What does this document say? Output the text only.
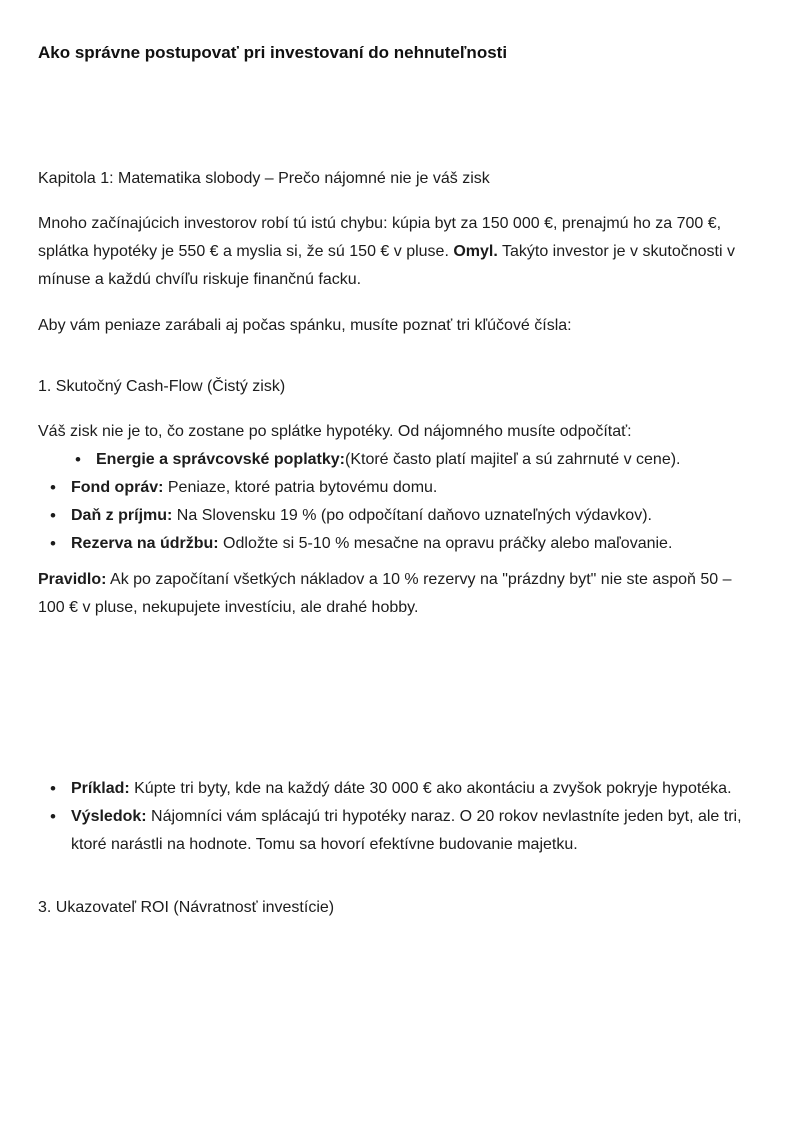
Ako správne postupovať pri investovaní do nehnuteľnosti

Kapitola 1: Matematika slobody – Prečo nájomné nie je váš zisk

Mnoho začínajúcich investorov robí tú istú chybu: kúpia byt za 150 000 €, prenajmú ho za 700 €, splátka hypotéky je 550 € a myslia si, že sú 150 € v pluse. Omyl. Takýto investor je v skutočnosti v mínuse a každú chvíľu riskuje finančnú facku.

Aby vám peniaze zarábali aj počas spánku, musíte poznať tri kľúčové čísla:

1. Skutočný Cash-Flow (Čistý zisk)

Váš zisk nie je to, čo zostane po splátke hypotéky. Od nájomného musíte odpočítať:

• Energie a správcovské poplatky:(Ktoré často platí majiteľ a sú zahrnuté v cene).
• Fond opráv: Peniaze, ktoré patria bytovému domu.
• Daň z príjmu: Na Slovensku 19 % (po odpočítaní daňovo uznateľných výdavkov).
• Rezerva na údržbu: Odložte si 5-10 % mesačne na opravu práčky alebo maľovanie.

Pravidlo: Ak po započítaní všetkých nákladov a 10 % rezervy na "prázdny byt" nie ste aspoň 50 – 100 € v pluse, nekupujete investíciu, ale drahé hobby.

• Príklad: Kúpte tri byty, kde na každý dáte 30 000 € ako akontáciu a zvyšok pokryje hypotéka.
• Výsledok: Nájomníci vám splácajú tri hypotéky naraz. O 20 rokov nevlastníte jeden byt, ale tri, ktoré narástli na hodnote. Tomu sa hovorí efektívne budovanie majetku.

3. Ukazovateľ ROI (Návratnosť investície)
